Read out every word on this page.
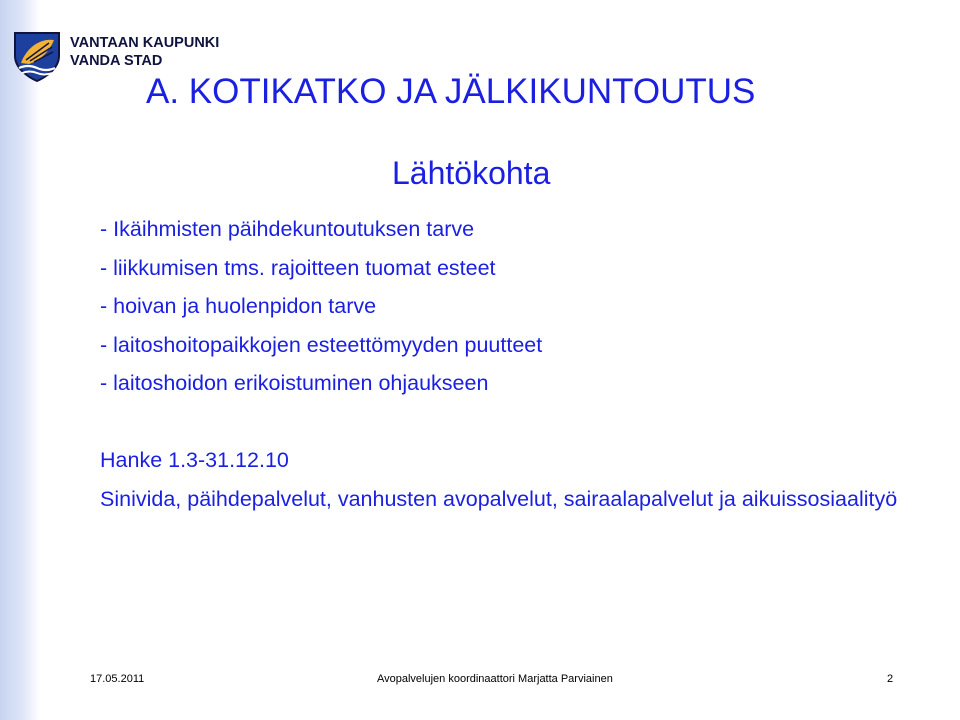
VANTAAN KAUPUNKI
VANDA STAD
A. KOTIKATKO JA JÄLKIKUNTOUTUS
Lähtökohta
- Ikäihmisten päihdekuntoutuksen tarve
- liikkumisen tms. rajoitteen tuomat esteet
- hoivan ja huolenpidon tarve
- laitoshoitopaikkojen esteettömyyden puutteet
- laitoshoidon erikoistuminen ohjaukseen
Hanke 1.3-31.12.10
Sinivida, päihdepalvelut, vanhusten avopalvelut, sairaalapalvelut ja aikuissosiaalityö
17.05.2011	Avopalvelujen koordinaattori Marjatta Parviainen	2
